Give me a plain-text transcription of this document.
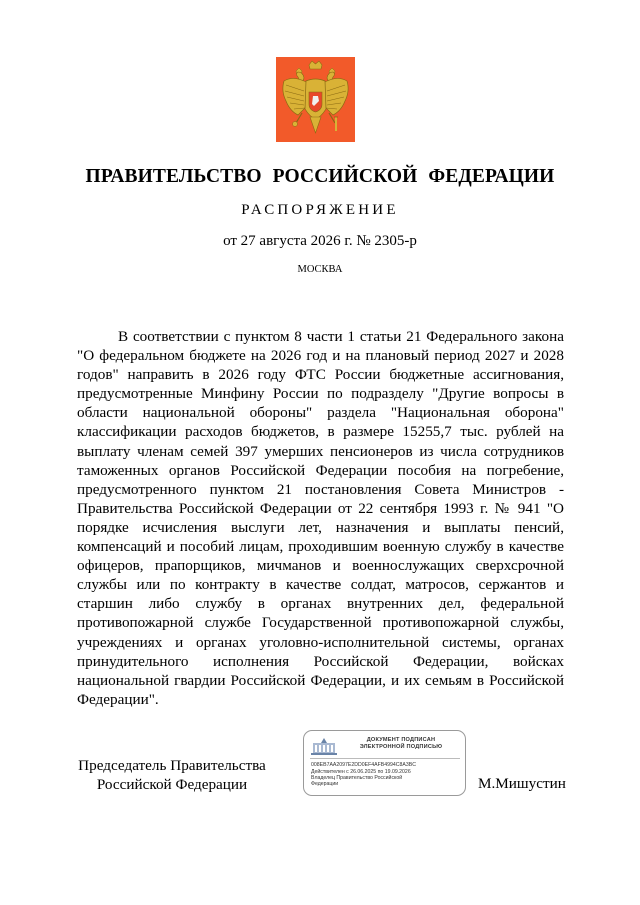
ПРАВИТЕЛЬСТВО РОССИЙСКОЙ ФЕДЕРАЦИИ
РАСПОРЯЖЕНИЕ
от 27 августа 2026 г. № 2305-р
МОСКВА

В соответствии с пунктом 8 части 1 статьи 21 Федерального закона "О федеральном бюджете на 2026 год и на плановый период 2027 и 2028 годов" направить в 2026 году ФТС России бюджетные ассигнования, предусмотренные Минфину России по подразделу "Другие вопросы в области национальной обороны" раздела "Национальная оборона" классификации расходов бюджетов, в размере 15255,7 тыс. рублей на выплату членам семей 397 умерших пенсионеров из числа сотрудников таможенных органов Российской Федерации пособия на погребение, предусмотренного пунктом 21 постановления Совета Министров - Правительства Российской Федерации от 22 сентября 1993 г. № 941 "О порядке исчисления выслуги лет, назначения и выплаты пенсий, компенсаций и пособий лицам, проходившим военную службу в качестве офицеров, прапорщиков, мичманов и военнослужащих сверхсрочной службы или по контракту в качестве солдат, матросов, сержантов и старшин либо службу в органах внутренних дел, федеральной противопожарной службе Государственной противопожарной службы, учреждениях и органах уголовно-исполнительной системы, органах принудительного исполнения Российской Федерации, войсках национальной гвардии Российской Федерации, и их семьям в Российской Федерации".

Председатель Правительства
Российской Федерации
ДОКУМЕНТ ПОДПИСАН
ЭЛЕКТРОННОЙ ПОДПИСЬЮ
008EB7AA2097E2DD0EF4AFB4994C8A3BC
Действителен с 26.06.2025 по 19.09.2026
Владелец Правительство Российской
Федерации	М.Мишустин
